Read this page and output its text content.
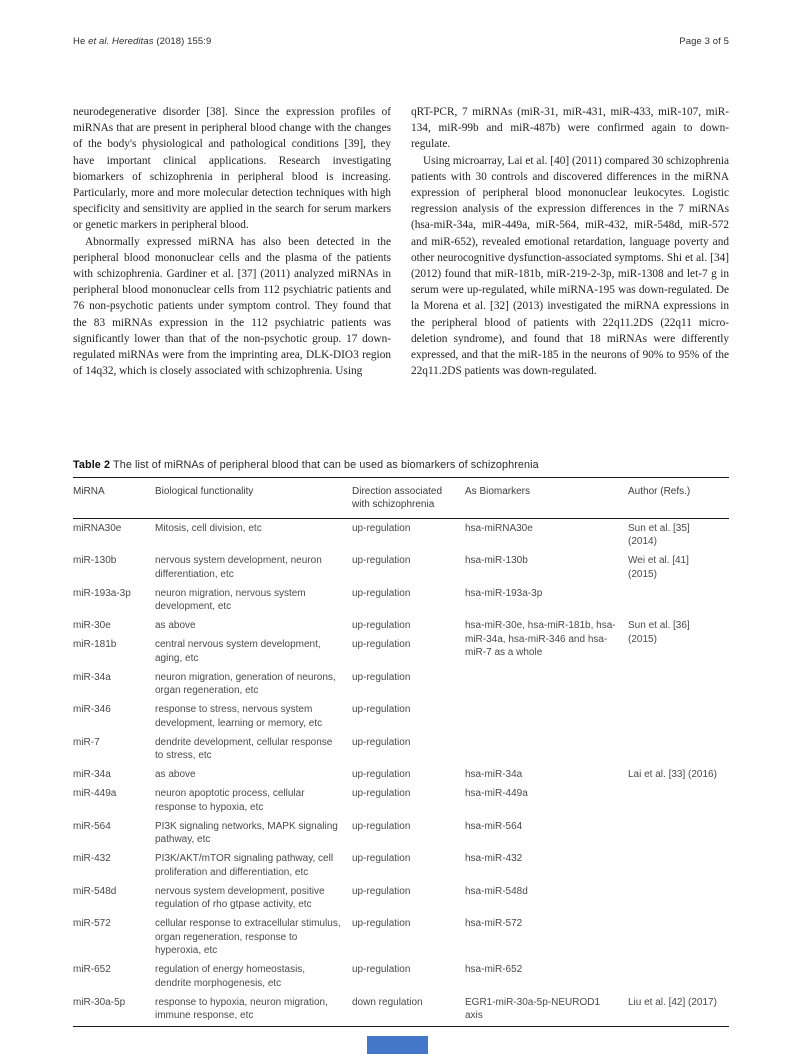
He et al. Hereditas (2018) 155:9	Page 3 of 5

neurodegenerative disorder [38]. Since the expression profiles of miRNAs that are present in peripheral blood change with the changes of the body's physiological and pathological conditions [39], they have important clinical applications. Research investigating biomarkers of schizophrenia in peripheral blood is increasing. Particularly, more and more molecular detection techniques with high specificity and sensitivity are applied in the search for serum markers or genetic markers in peripheral blood.

Abnormally expressed miRNA has also been detected in the peripheral blood mononuclear cells and the plasma of the patients with schizophrenia. Gardiner et al. [37] (2011) analyzed miRNAs in peripheral blood mononuclear cells from 112 psychiatric patients and 76 non-psychotic patients under symptom control. They found that the 83 miRNAs expression in the 112 psychiatric patients was significantly lower than that of the non-psychotic group. 17 down-regulated miRNAs were from the imprinting area, DLK-DIO3 region of 14q32, which is closely associated with schizophrenia. Using

qRT-PCR, 7 miRNAs (miR-31, miR-431, miR-433, miR-107, miR-134, miR-99b and miR-487b) were confirmed again to down-regulate.

Using microarray, Lai et al. [40] (2011) compared 30 schizophrenia patients with 30 controls and discovered differences in the miRNA expression of peripheral blood mononuclear leukocytes. Logistic regression analysis of the expression differences in the 7 miRNAs (hsa-miR-34a, miR-449a, miR-564, miR-432, miR-548d, miR-572 and miR-652), revealed emotional retardation, language poverty and other neurocognitive dysfunction-associated symptoms. Shi et al. [34] (2012) found that miR-181b, miR-219-2-3p, miR-1308 and let-7 g in serum were up-regulated, while miRNA-195 was down-regulated. De la Morena et al. [32] (2013) investigated the miRNA expressions in the peripheral blood of patients with 22q11.2DS (22q11 micro-deletion syndrome), and found that 18 miRNAs were differently expressed, and that the miR-185 in the neurons of 90% to 95% of the 22q11.2DS patients was down-regulated.

Table 2 The list of miRNAs of peripheral blood that can be used as biomarkers of schizophrenia
MiRNA	Biological functionality	Direction associated with schizophrenia	As Biomarkers	Author (Refs.)
miRNA30e	Mitosis, cell division, etc	up-regulation	hsa-miRNA30e	Sun et al. [35] (2014)
miR-130b	nervous system development, neuron differentiation, etc	up-regulation	hsa-miR-130b	Wei et al. [41] (2015)
miR-193a-3p	neuron migration, nervous system development, etc	up-regulation	hsa-miR-193a-3p	
miR-30e	as above	up-regulation	hsa-miR-30e, hsa-miR-181b, hsa-miR-34a, hsa-miR-346 and hsa-miR-7 as a whole	Sun et al. [36] (2015)
miR-181b	central nervous system development, aging, etc	up-regulation		
miR-34a	neuron migration, generation of neurons, organ regeneration, etc	up-regulation		
miR-346	response to stress, nervous system development, learning or memory, etc	up-regulation		
miR-7	dendrite development, cellular response to stress, etc	up-regulation		
miR-34a	as above	up-regulation	hsa-miR-34a	Lai et al. [33] (2016)
miR-449a	neuron apoptotic process, cellular response to hypoxia, etc	up-regulation	hsa-miR-449a	
miR-564	PI3K signaling networks, MAPK signaling pathway, etc	up-regulation	hsa-miR-564	
miR-432	PI3K/AKT/mTOR signaling pathway, cell proliferation and differentiation, etc	up-regulation	hsa-miR-432	
miR-548d	nervous system development, positive regulation of rho gtpase activity, etc	up-regulation	hsa-miR-548d	
miR-572	cellular response to extracellular stimulus, organ regeneration, response to hyperoxia, etc	up-regulation	hsa-miR-572	
miR-652	regulation of energy homeostasis, dendrite morphogenesis, etc	up-regulation	hsa-miR-652	
miR-30a-5p	response to hypoxia, neuron migration, immune response, etc	down regulation	EGR1-miR-30a-5p-NEUROD1 axis	Liu et al. [42] (2017)
